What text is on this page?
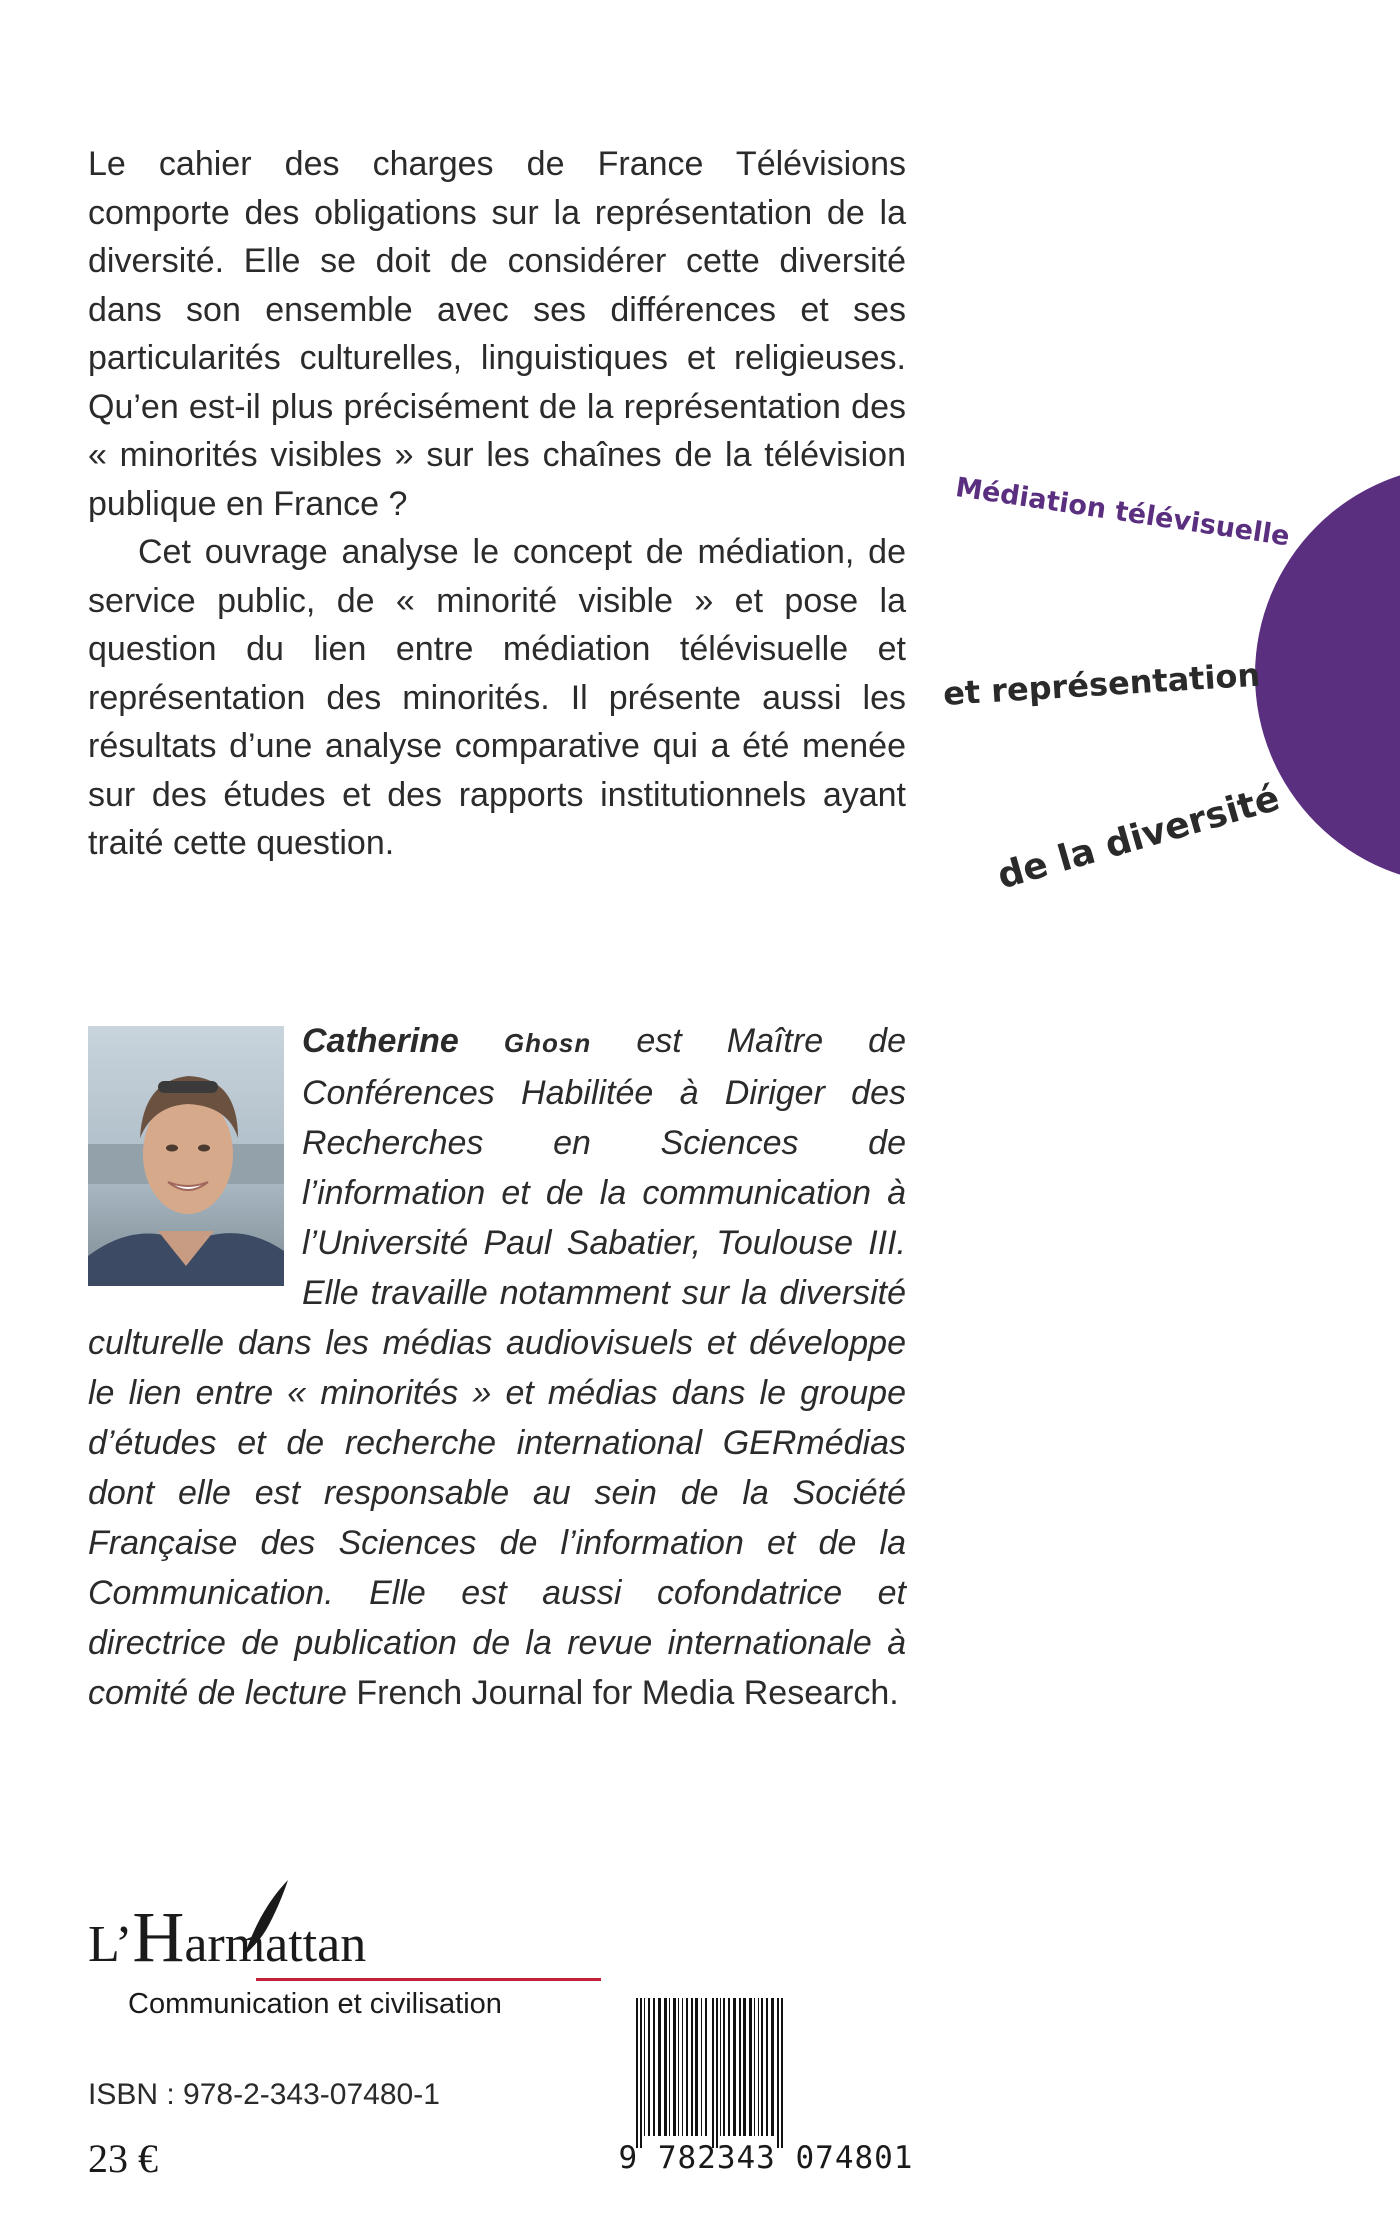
Le cahier des charges de France Télévisions comporte des obligations sur la représentation de la diversité. Elle se doit de considérer cette diversité dans son ensemble avec ses différences et ses particularités culturelles, linguistiques et religieuses. Qu’en est-il plus précisément de la représentation des « minorités visibles » sur les chaînes de la télévision publique en France ?

Cet ouvrage analyse le concept de médiation, de service public, de « minorité visible » et pose la question du lien entre médiation télévisuelle et représentation des minorités. Il présente aussi les résultats d’une analyse comparative qui a été menée sur des études et des rapports institutionnels ayant traité cette question.

Médiation télévisuelle
et représentation
de la diversité
Catherine Ghosn est Maître de Conférences Habilitée à Diriger des Recherches en Sciences de l’information et de la communication à l’Université Paul Sabatier, Toulouse III. Elle travaille notamment sur la diversité culturelle dans les médias audiovisuels et développe le lien entre « minorités » et médias dans le groupe d’études et de recherche international GERmédias dont elle est responsable au sein de la Société Française des Sciences de l’information et de la Communication. Elle est aussi cofondatrice et directrice de publication de la revue internationale à comité de lecture French Journal for Media Research.
L’Harmattan
Communication et civilisation
ISBN : 978-2-343-07480-1
23 €	9 782343 074801
